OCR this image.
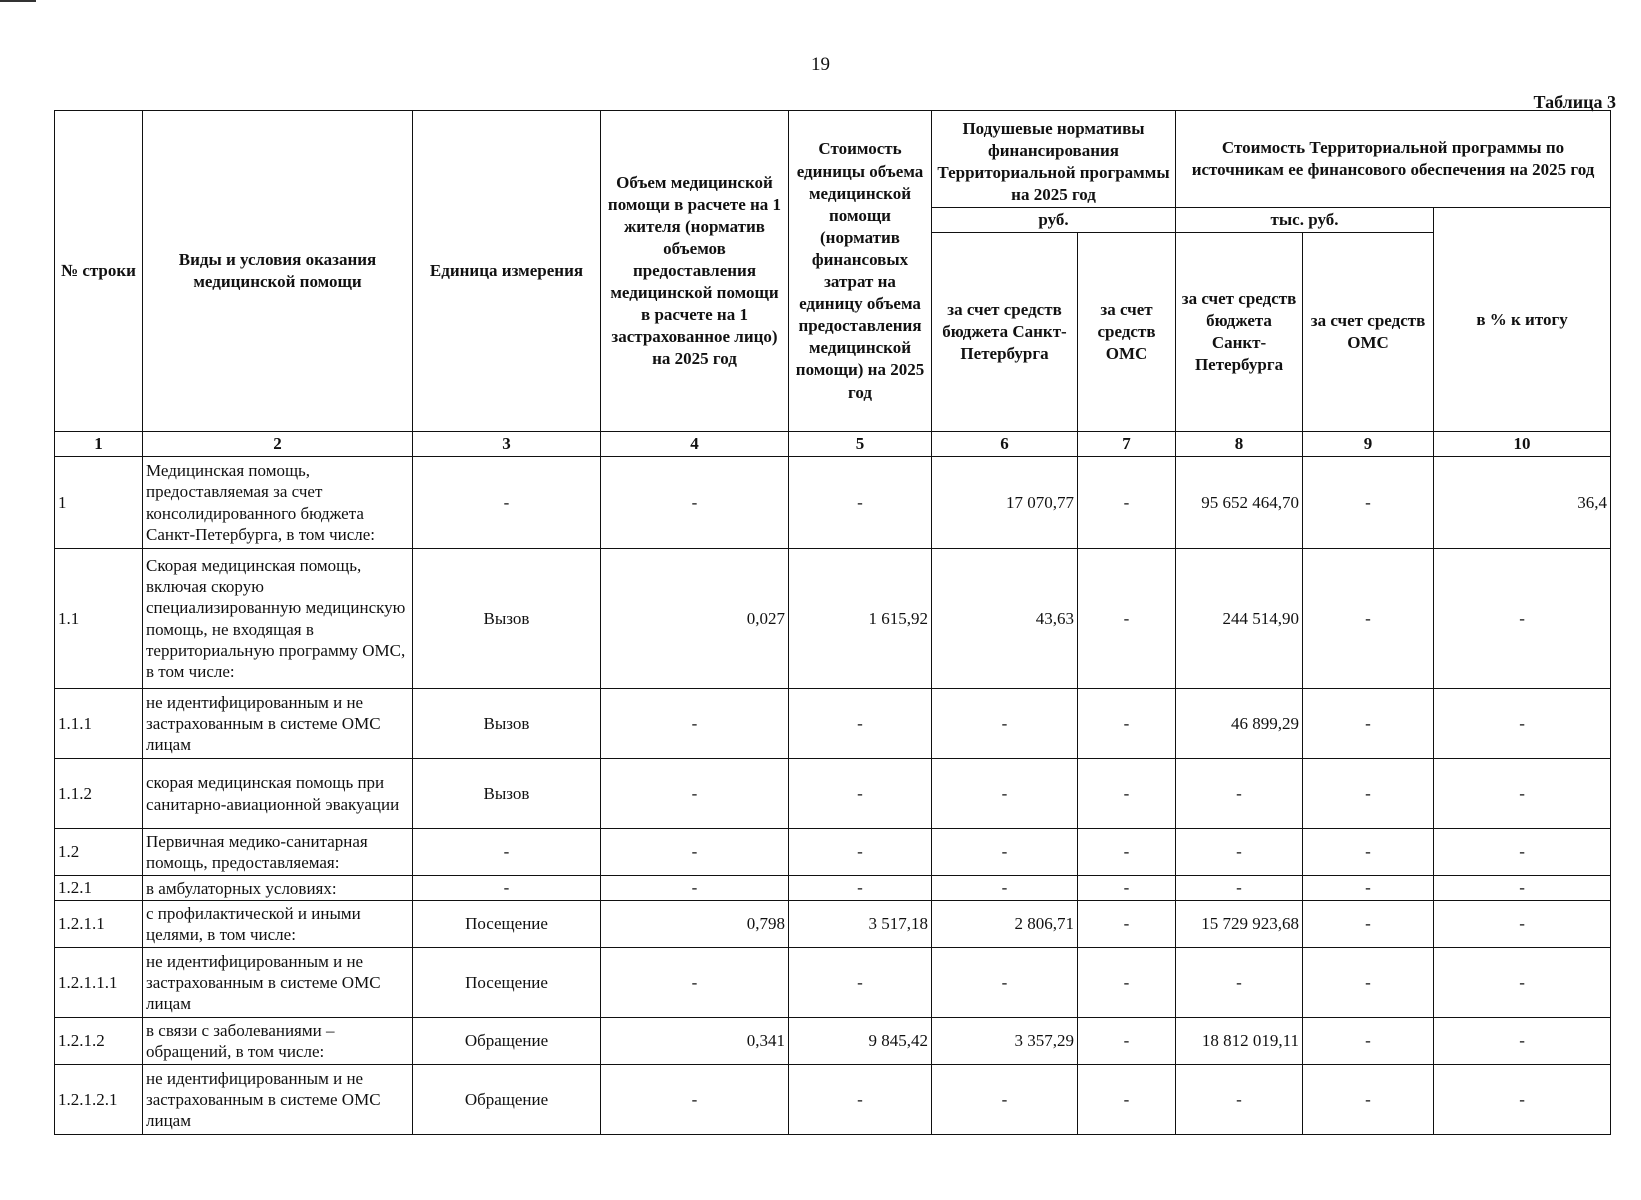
19
Таблица 3
№ строки	Виды и условия оказания медицинской помощи	Единица измерения	Объем медицинской помощи в расчете на 1 жителя (норматив объемов предоставления медицинской помощи в расчете на 1 застрахованное лицо) на 2025 год	Стоимость единицы объема медицинской помощи (норматив финансовых затрат на единицу объема предоставления медицинской помощи) на 2025 год	Подушевые нормативы финансирования Территориальной программы на 2025 год		Стоимость Территориальной программы по источникам ее финансового обеспечения на 2025 год		
					руб.		тыс. руб.		в % к итогу
					за счет средств бюджета Санкт-Петербурга	за счет средств ОМС	за счет средств бюджета Санкт-Петербурга	за счет средств ОМС	
1	2	3	4	5	6	7	8	9	10
1	Медицинская помощь, предоставляемая за счет консолидированного бюджета Санкт-Петербурга, в том числе:	-	-	-	17 070,77	-	95 652 464,70	-	36,4
1.1	Скорая медицинская помощь, включая скорую специализированную медицинскую помощь, не входящая в территориальную программу ОМС, в том числе:	Вызов	0,027	1 615,92	43,63	-	244 514,90	-	-
1.1.1	не идентифицированным и не застрахованным в системе ОМС лицам	Вызов	-	-	-	-	46 899,29	-	-
1.1.2	скорая медицинская помощь при санитарно-авиационной эвакуации	Вызов	-	-	-	-	-	-	-
1.2	Первичная медико-санитарная помощь, предоставляемая:	-	-	-	-	-	-	-	-
1.2.1	в амбулаторных условиях:	-	-	-	-	-	-	-	-
1.2.1.1	с профилактической и иными целями, в том числе:	Посещение	0,798	3 517,18	2 806,71	-	15 729 923,68	-	-
1.2.1.1.1	не идентифицированным и не застрахованным в системе ОМС лицам	Посещение	-	-	-	-	-	-	-
1.2.1.2	в связи с заболеваниями – обращений, в том числе:	Обращение	0,341	9 845,42	3 357,29	-	18 812 019,11	-	-
1.2.1.2.1	не идентифицированным и не застрахованным в системе ОМС лицам	Обращение	-	-	-	-	-	-	-
